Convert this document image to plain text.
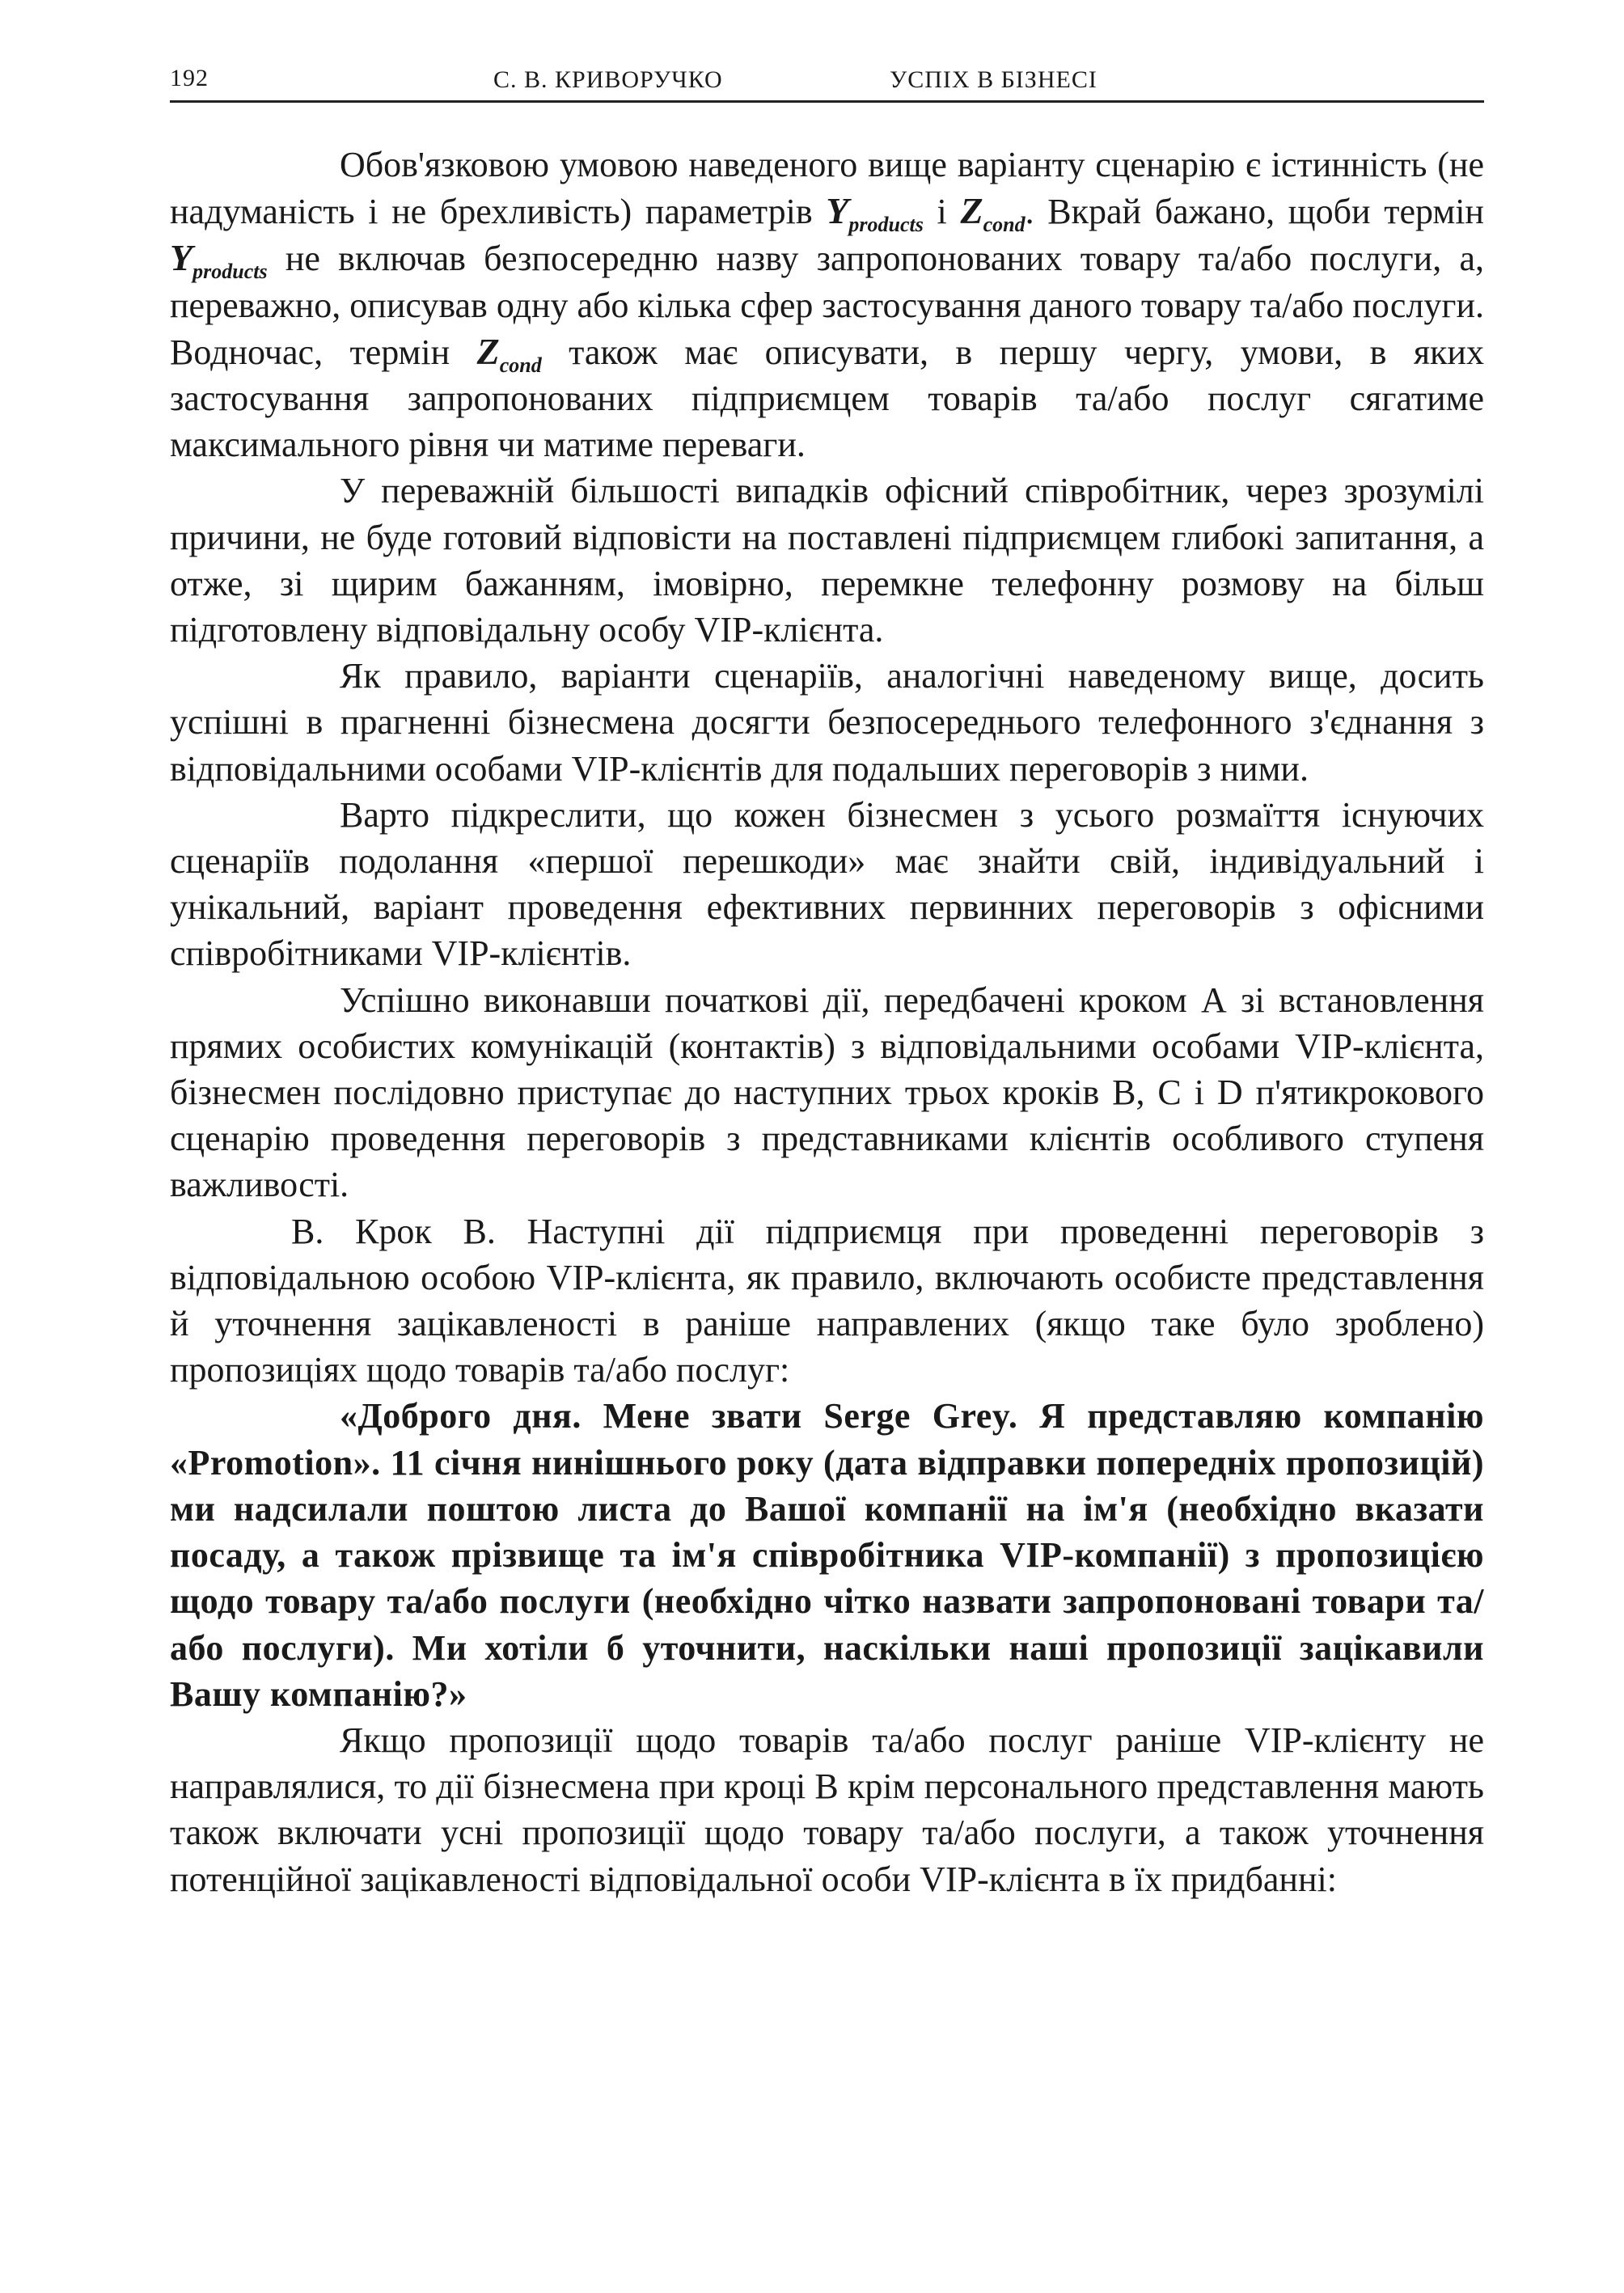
192	С. В. КРИВОРУЧКО	УСПІХ В БІЗНЕСІ

Обов'язковою умовою наведеного вище варіанту сценарію є істинність (не надуманість і не брехливість) параметрів $Y_{products}$ і $Z_{cond}$. Вкрай бажано, щоби термін $Y_{products}$ не включав безпосередню назву запропонованих товару та/або послуги, а, переважно, описував одну або кілька сфер застосування даного товару та/або послуги. Водночас, термін $Z_{cond}$ також має описувати, в першу чергу, умови, в яких застосування запропонованих підприємцем товарів та/або послуг сягатиме максимального рівня чи матиме переваги.

У переважній більшості випадків офісний співробітник, через зрозумілі причини, не буде готовий відповісти на поставлені підприємцем глибокі запитання, а отже, зі щирим бажанням, імовірно, перемкне телефонну розмову на більш підготовлену відповідальну особу VIP-клієнта.

Як правило, варіанти сценаріїв, аналогічні наведеному вище, досить успішні в прагненні бізнесмена досягти безпосереднього телефонного з'єднання з відповідальними особами VIP-клієнтів для подальших переговорів з ними.

Варто підкреслити, що кожен бізнесмен з усього розмаїття існуючих сценаріїв подолання «першої перешкоди» має знайти свій, індивідуальний і унікальний, варіант проведення ефективних первинних переговорів з офісними співробітниками VIP-клієнтів.

Успішно виконавши початкові дії, передбачені кроком А зі встановлення прямих особистих комунікацій (контактів) з відповідальними особами VIP-клієнта, бізнесмен послідовно приступає до наступних трьох кроків B, C і D п'ятикрокового сценарію проведення переговорів з представниками клієнтів особливого ступеня важливості.

B. Крок B. Наступні дії підприємця при проведенні переговорів з відповідальною особою VIP-клієнта, як правило, включають особисте представлення й уточнення зацікавленості в раніше направлених (якщо таке було зроблено) пропозиціях щодо товарів та/або послуг:

«Доброго дня. Мене звати Serge Grey. Я представляю компанію «Promotion». 11 січня нинішнього року (дата відправки попередніх пропозицій) ми надсилали поштою листа до Вашої компанії на ім'я (необхідно вказати посаду, а також прізвище та ім'я співробітника VIP-компанії) з пропозицією щодо товару та/або послуги (необхідно чітко назвати запропоновані товари та/або послуги). Ми хотіли б уточнити, наскільки наші пропозиції зацікавили Вашу компанію?»

Якщо пропозиції щодо товарів та/або послуг раніше VIP-клієнту не направлялися, то дії бізнесмена при кроці B крім персонального представлення мають також включати усні пропозиції щодо товару та/або послуги, а також уточнення потенційної зацікавленості відповідальної особи VIP-клієнта в їх придбанні:
